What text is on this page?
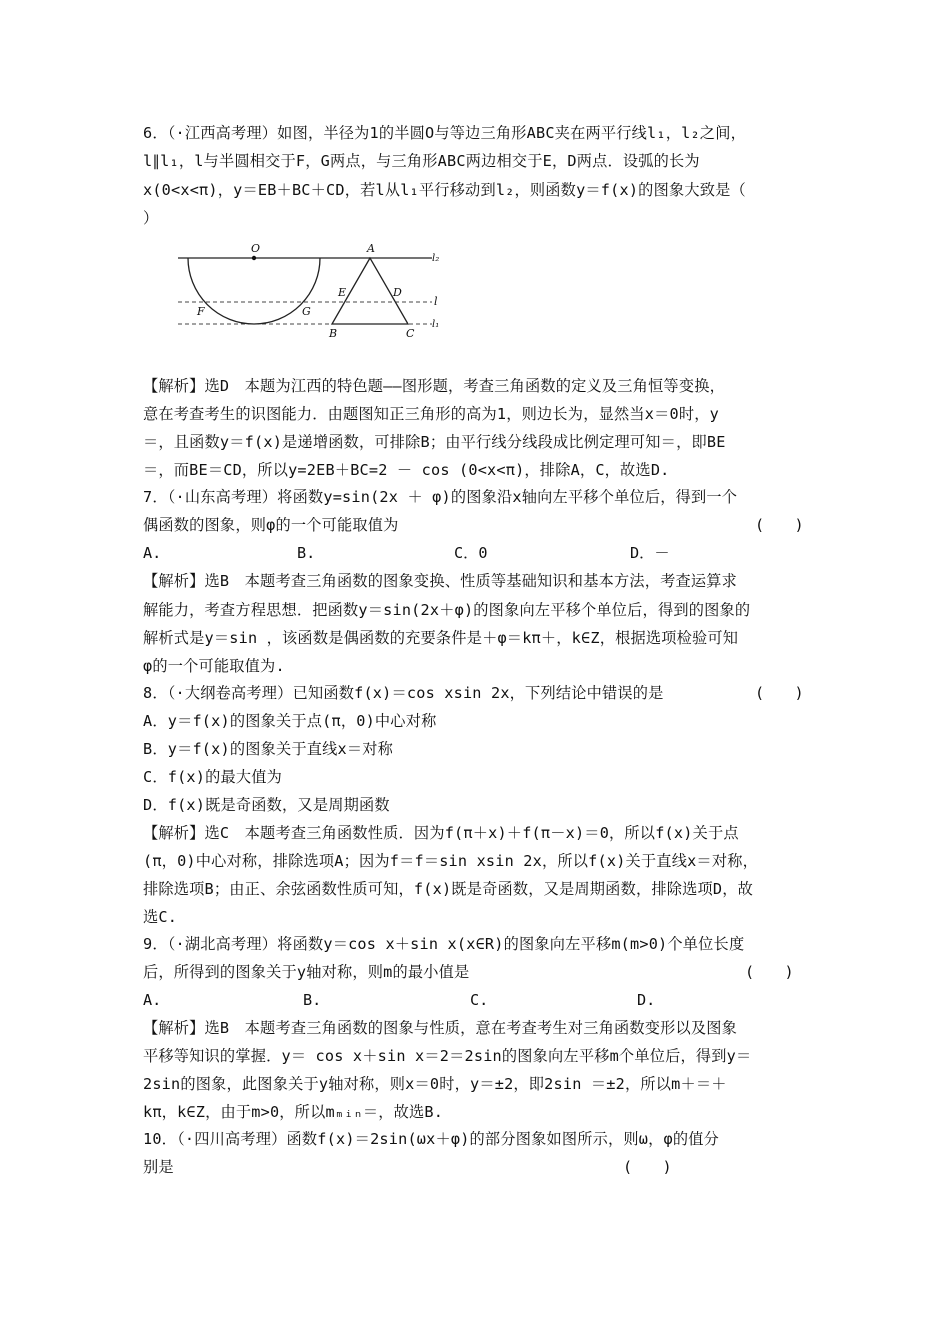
6．（·江西高考理）如图，半径为1的半圆O与等边三角形ABC夹在两平行线l₁，l₂之间，
l∥l₁，l与半圆相交于F，G两点，与三角形ABC两边相交于E，D两点．设弧的长为
x(0<x<π)，y＝EB＋BC＋CD，若l从l₁平行移动到l₂，则函数y＝f(x)的图象大致是（
）
O	A
E	D
F	G
B	C
l₂
l
l₁
【解析】选D　本题为江西的特色题——图形题，考查三角函数的定义及三角恒等变换，
意在考查考生的识图能力．由题图知正三角形的高为1，则边长为，显然当x＝0时，y
＝，且函数y＝f(x)是递增函数，可排除B；由平行线分线段成比例定理可知＝，即BE
＝，而BE＝CD，所以y=2EB＋BC=2 － cos (0<x<π)，排除A，C，故选D.
7．（·山东高考理）将函数y=sin(2x ＋ φ)的图象沿x轴向左平移个单位后，得到一个
偶函数的图象，则φ的一个可能取值为	(　　)
A.	B.	C．0	D．－
【解析】选B　本题考查三角函数的图象变换、性质等基础知识和基本方法，考查运算求
解能力，考查方程思想．把函数y＝sin(2x＋φ)的图象向左平移个单位后，得到的图象的
解析式是y＝sin ，该函数是偶函数的充要条件是＋φ＝kπ＋，k∈Z，根据选项检验可知
φ的一个可能取值为.
8．（·大纲卷高考理）已知函数f(x)＝cos xsin 2x，下列结论中错误的是	(　　)
A．y＝f(x)的图象关于点(π，0)中心对称
B．y＝f(x)的图象关于直线x＝对称
C．f(x)的最大值为
D．f(x)既是奇函数，又是周期函数
【解析】选C　本题考查三角函数性质．因为f(π＋x)＋f(π－x)＝0，所以f(x)关于点
(π，0)中心对称，排除选项A；因为f＝f＝sin xsin 2x，所以f(x)关于直线x＝对称，
排除选项B；由正、余弦函数性质可知，f(x)既是奇函数，又是周期函数，排除选项D，故
选C.
9．（·湖北高考理）将函数y＝cos x＋sin x(x∈R)的图象向左平移m(m>0)个单位长度
后，所得到的图象关于y轴对称，则m的最小值是	(　　)
A.	B.	C.	D.
【解析】选B　本题考查三角函数的图象与性质，意在考查考生对三角函数变形以及图象
平移等知识的掌握．y＝ cos x＋sin x＝2＝2sin的图象向左平移m个单位后，得到y＝
2sin的图象，此图象关于y轴对称，则x＝0时，y＝±2，即2sin ＝±2，所以m＋＝＋
kπ，k∈Z，由于m>0，所以mₘᵢₙ＝，故选B.
10．（·四川高考理）函数f(x)＝2sin(ωx＋φ)的部分图象如图所示，则ω，φ的值分
别是	(　　)
